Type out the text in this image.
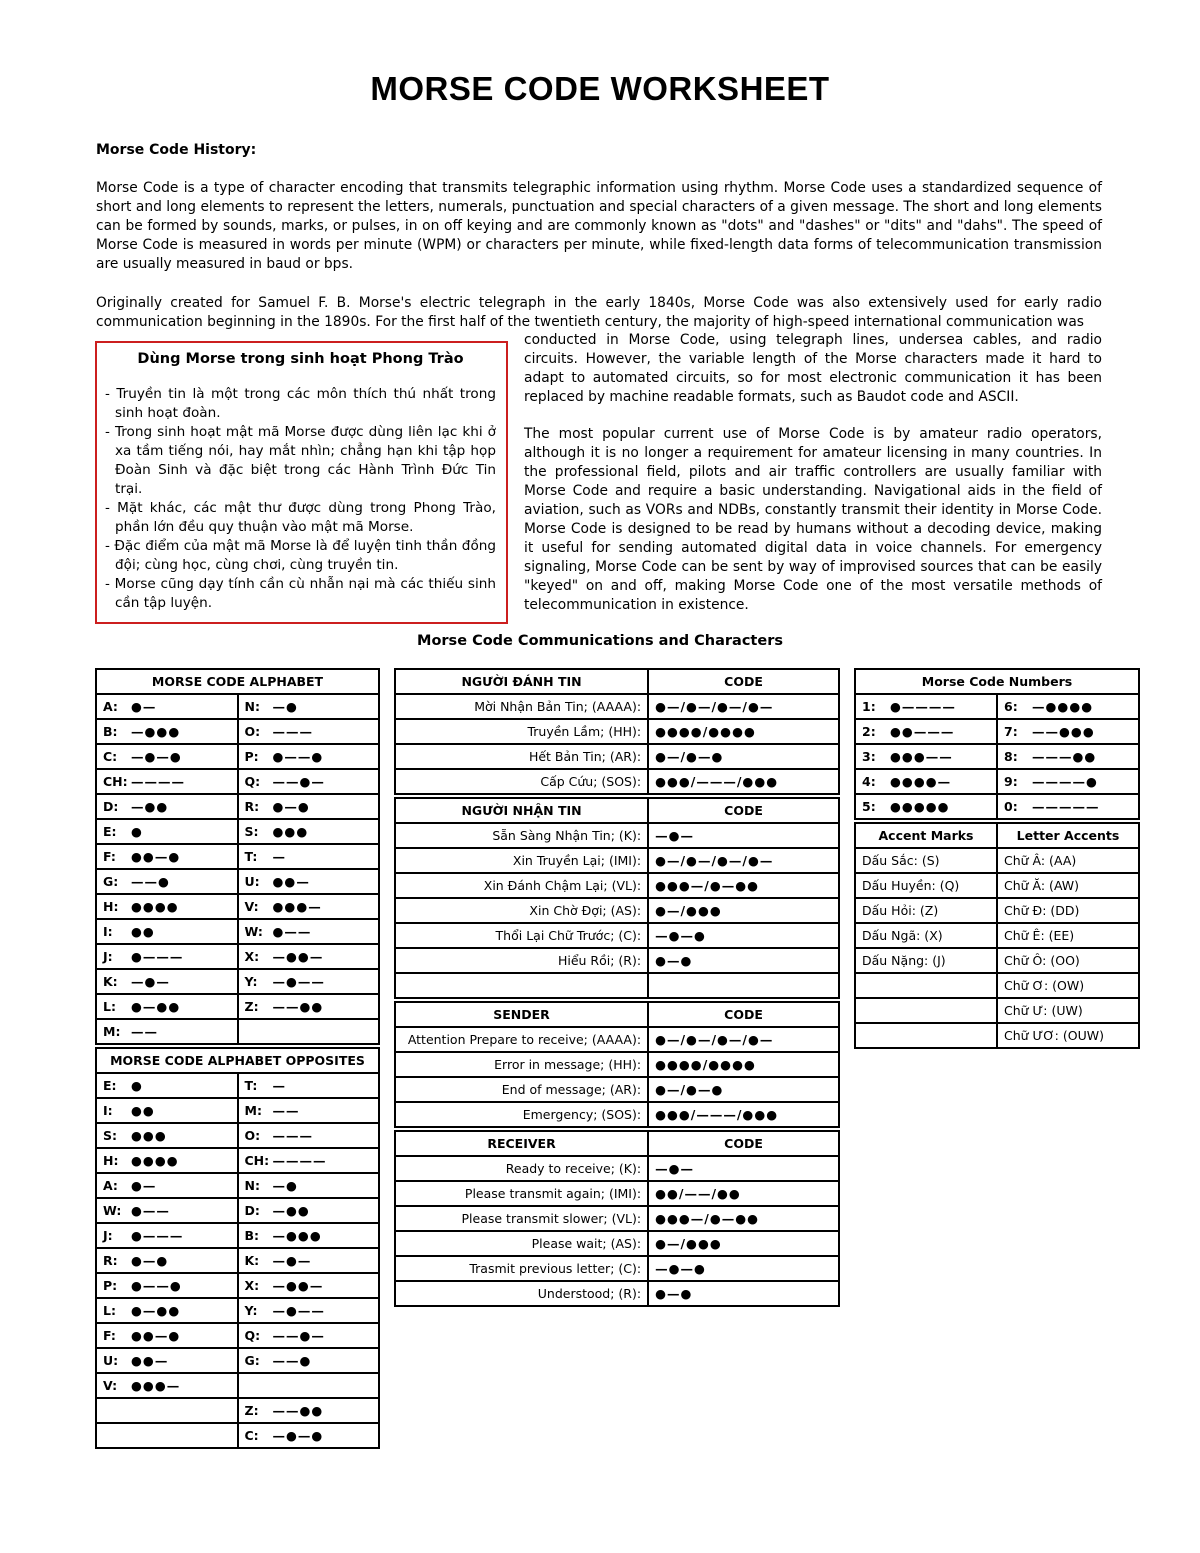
MORSE CODE WORKSHEET
Morse Code History:

Morse Code is a type of character encoding that transmits telegraphic information using rhythm. Morse Code uses a standardized sequence of short and long elements to represent the letters, numerals, punctuation and special characters of a given message. The short and long elements can be formed by sounds, marks, or pulses, in on off keying and are commonly known as "dots" and "dashes" or "dits" and "dahs". The speed of Morse Code is measured in words per minute (WPM) or characters per minute, while fixed-length data forms of telecommunication transmission are usually measured in baud or bps.

Originally created for Samuel F. B. Morse's electric telegraph in the early 1840s, Morse Code was also extensively used for early radio communication beginning in the 1890s. For the first half of the twentieth century, the majority of high-speed international communication was

conducted in Morse Code, using telegraph lines, undersea cables, and radio circuits. However, the variable length of the Morse characters made it hard to adapt to automated circuits, so for most electronic communication it has been replaced by machine readable formats, such as Baudot code and ASCII.

The most popular current use of Morse Code is by amateur radio operators, although it is no longer a requirement for amateur licensing in many countries. In the professional field, pilots and air traffic controllers are usually familiar with Morse Code and require a basic understanding. Navigational aids in the field of aviation, such as VORs and NDBs, constantly transmit their identity in Morse Code. Morse Code is designed to be read by humans without a decoding device, making it useful for sending automated digital data in voice channels. For emergency signaling, Morse Code can be sent by way of improvised sources that can be easily "keyed" on and off, making Morse Code one of the most versatile methods of telecommunication in existence.

Dùng Morse trong sinh hoạt Phong Trào
- Truyền tin là một trong các môn thích thú nhất trong sinh hoạt đoàn.
- Trong sinh hoạt mật mã Morse được dùng liên lạc khi ở xa tầm tiếng nói, hay mắt nhìn; chẳng hạn khi tập họp Đoàn Sinh và đặc biệt trong các Hành Trình Đức Tin trại.
- Mặt khác, các mật thư được dùng trong Phong Trào, phần lớn đều quy thuận vào mật mã Morse.
- Đặc điểm của mật mã Morse là để luyện tinh thần đồng đội; cùng học, cùng chơi, cùng truyền tin.
- Morse cũng dạy tính cần cù nhẫn nại mà các thiếu sinh cần tập luyện.
Morse Code Communications and Characters
MORSE CODE ALPHABET	
A: ●—	N: —●
B: —●●●	O: ———
C: —●—●	P: ●——●
CH: ————	Q: ——●—
D: —●●	R: ●—●
E: ●	S: ●●●
F: ●●—●	T: —
G: ——●	U: ●●—
H: ●●●●	V: ●●●—
I: ●●	W: ●——
J: ●———	X: —●●—
K: —●—	Y: —●——
L: ●—●●	Z: ——●●
M: ——	

MORSE CODE ALPHABET OPPOSITES	
E: ●	T: —
I: ●●	M: ——
S: ●●●	O: ———
H: ●●●●	CH: ————
A: ●—	N: —●
W: ●——	D: —●●
J: ●———	B: —●●●
R: ●—●	K: —●—
P: ●——●	X: —●●—
L: ●—●●	Y: —●——
F: ●●—●	Q: ——●—
U: ●●—	G: ——●
V: ●●●—	
	Z: ——●●
	C: —●—●
NGƯỜI ĐÁNH TIN	CODE
Mời Nhận Bản Tin; (AAAA):	●—/●—/●—/●—
Truyền Lầm; (HH):	●●●●/●●●●
Hết Bản Tin; (AR):	●—/●—●
Cấp Cứu; (SOS):	●●●/———/●●●

NGƯỜI NHẬN TIN	CODE
Sẵn Sàng Nhận Tin; (K):	—●—
Xin Truyền Lại; (IMI):	●—/●—/●—/●—
Xin Đánh Chậm Lại; (VL):	●●●—/●—●●
Xin Chờ Đợi; (AS):	●—/●●●
Thổi Lại Chữ Trước; (C):	—●—●
Hiểu Rồi; (R):	●—●

SENDER	CODE
Attention Prepare to receive; (AAAA):	●—/●—/●—/●—
Error in message; (HH):	●●●●/●●●●
End of message; (AR):	●—/●—●
Emergency; (SOS):	●●●/———/●●●

RECEIVER	CODE
Ready to receive; (K):	—●—
Please transmit again; (IMI):	●●/——/●●
Please transmit slower; (VL):	●●●—/●—●●
Please wait; (AS):	●—/●●●
Trasmit previous letter; (C):	—●—●
Understood; (R):	●—●
Morse Code Numbers	
1: ●————	6: —●●●●
2: ●●———	7: ——●●●
3: ●●●——	8: ———●●
4: ●●●●—	9: ————●
5: ●●●●●	0: —————

Accent Marks	Letter Accents
Dấu Sắc: (S)	Chữ Â: (AA)
Dấu Huyền: (Q)	Chữ Ă: (AW)
Dấu Hỏi: (Z)	Chữ Đ: (DD)
Dấu Ngã: (X)	Chữ Ê: (EE)
Dấu Nặng: (J)	Chữ Ô: (OO)
	Chữ Ơ: (OW)
	Chữ Ư: (UW)
	Chữ ƯƠ: (OUW)
